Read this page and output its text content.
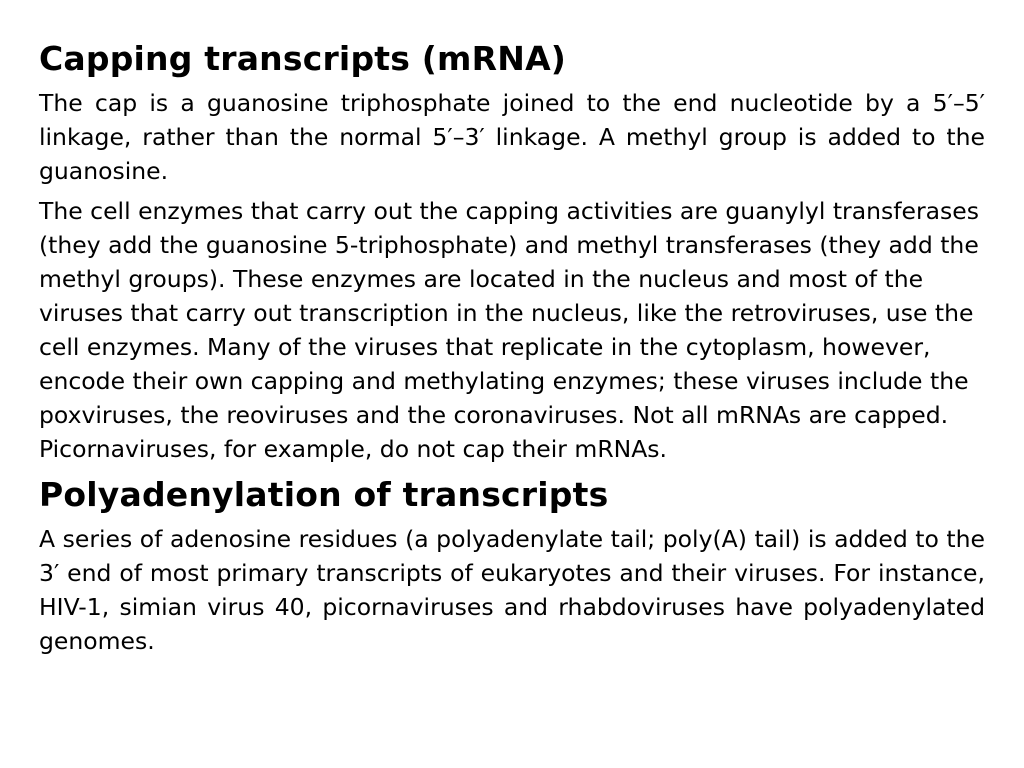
Capping transcripts (mRNA)

The cap is a guanosine triphosphate joined to the end nucleotide by a 5′–5′ linkage, rather than the normal 5′–3′ linkage. A methyl group is added to the guanosine.

The cell enzymes that carry out the capping activities are guanylyl transferases (they add the guanosine 5-triphosphate) and methyl transferases (they add the methyl groups). These enzymes are located in the nucleus and most of the viruses that carry out transcription in the nucleus, like the retroviruses, use the cell enzymes. Many of the viruses that replicate in the cytoplasm, however, encode their own capping and methylating enzymes; these viruses include the poxviruses, the reoviruses and the coronaviruses. Not all mRNAs are capped. Picornaviruses, for example, do not cap their mRNAs.

Polyadenylation of transcripts

A series of adenosine residues (a polyadenylate tail; poly(A) tail) is added to the 3′ end of most primary transcripts of eukaryotes and their viruses. For instance, HIV-1, simian virus 40, picornaviruses and rhabdoviruses have polyadenylated genomes.
